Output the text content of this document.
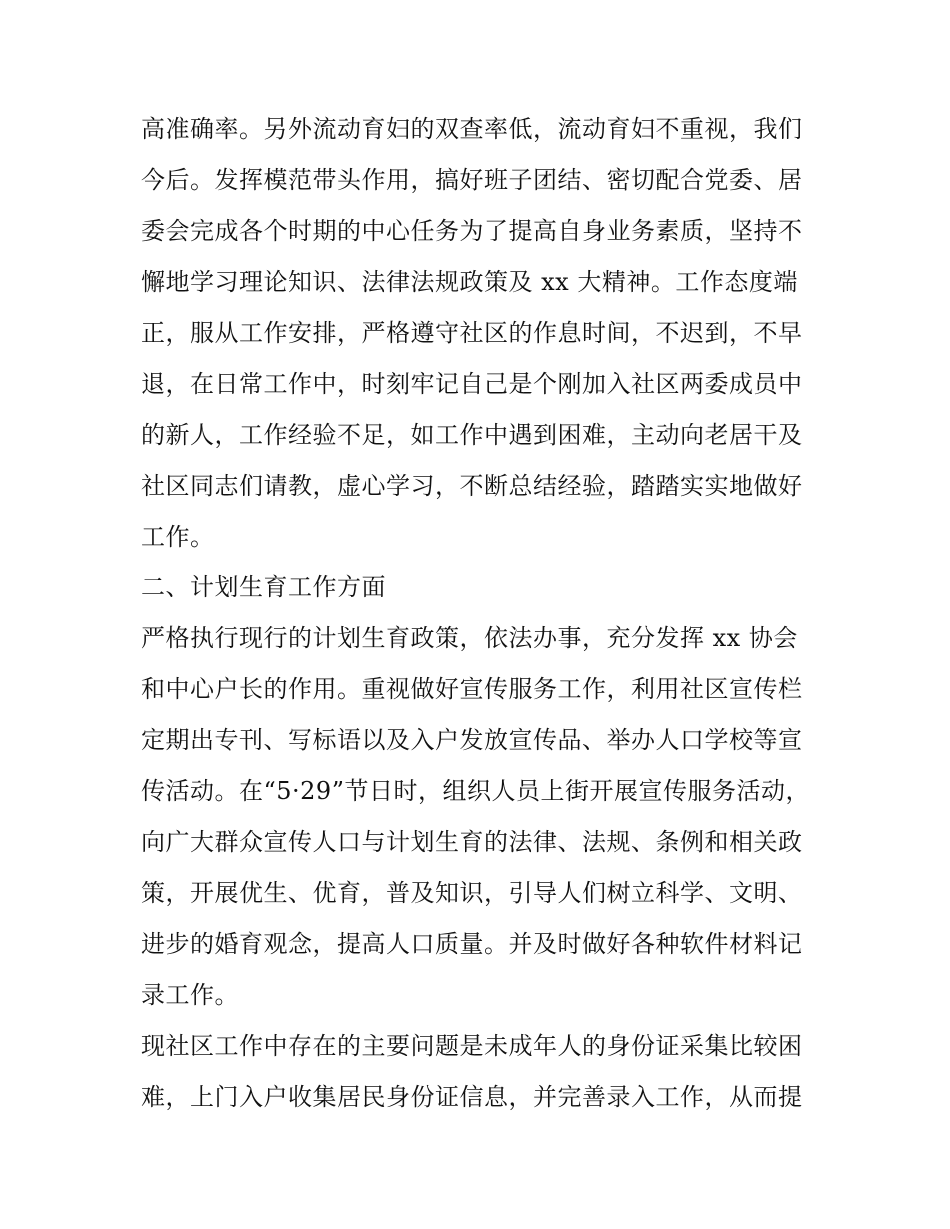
高准确率。另外流动育妇的双查率低，流动育妇不重视，我们
今后。发挥模范带头作用，搞好班子团结、密切配合党委、居
委会完成各个时期的中心任务为了提高自身业务素质，坚持不
懈地学习理论知识、法律法规政策及 xx 大精神。工作态度端
正，服从工作安排，严格遵守社区的作息时间，不迟到，不早
退，在日常工作中，时刻牢记自己是个刚加入社区两委成员中
的新人，工作经验不足，如工作中遇到困难，主动向老居干及
社区同志们请教，虚心学习，不断总结经验，踏踏实实地做好
工作。
二、计划生育工作方面
严格执行现行的计划生育政策，依法办事，充分发挥 xx 协会
和中心户长的作用。重视做好宣传服务工作，利用社区宣传栏
定期出专刊、写标语以及入户发放宣传品、举办人口学校等宣
传活动。在“5·29”节日时，组织人员上街开展宣传服务活动，
向广大群众宣传人口与计划生育的法律、法规、条例和相关政
策，开展优生、优育，普及知识，引导人们树立科学、文明、
进步的婚育观念，提高人口质量。并及时做好各种软件材料记
录工作。
现社区工作中存在的主要问题是未成年人的身份证采集比较困
难，上门入户收集居民身份证信息，并完善录入工作，从而提
